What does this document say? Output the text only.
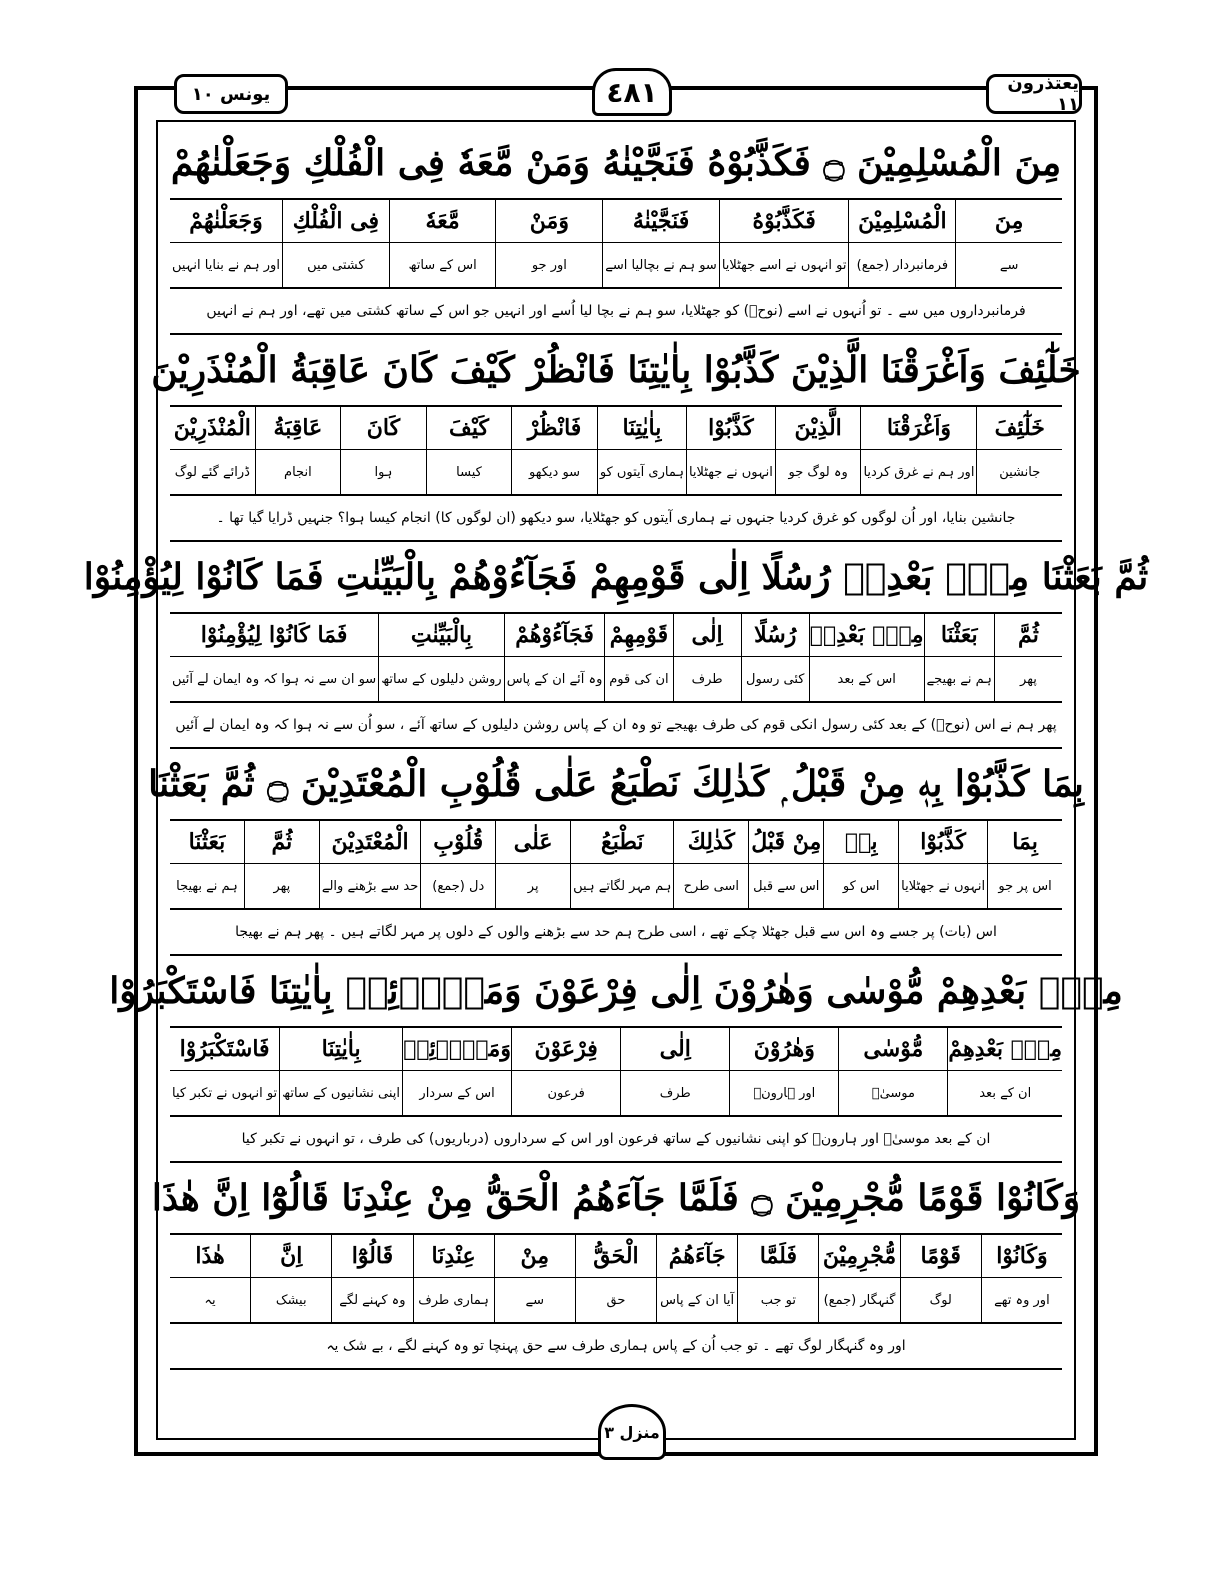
يونس ١٠	٤٨١	يعتذرون ١١
مِنَ الْمُسْلِمِيْنَ ۝ فَكَذَّبُوْهُ فَنَجَّيْنٰهُ وَمَنْ مَّعَهٗ فِى الْفُلْكِ وَجَعَلْنٰهُمْ
مِنَ
سے
الْمُسْلِمِيْنَ
فرمانبردار (جمع)
فَكَذَّبُوْهُ
تو انہوں نے اسے جھٹلایا
فَنَجَّيْنٰهُ
سو ہم نے بچالیا اسے
وَمَنْ
اور جو
مَّعَهٗ
اس کے ساتھ
فِى الْفُلْكِ
کشتی میں
وَجَعَلْنٰهُمْ
اور ہم نے بنایا انہیں
فرمانبرداروں میں سے ۔ تو اُنہوں نے اسے (نوحؑ) کو جھٹلایا، سو ہم نے بچا لیا اُسے اور انہیں جو اس کے ساتھ کشتی میں تھے، اور ہم نے انہیں
خَلٰٓئِفَ وَاَغْرَقْنَا الَّذِيْنَ كَذَّبُوْا بِاٰيٰتِنَا فَانْظُرْ كَيْفَ كَانَ عَاقِبَةُ الْمُنْذَرِيْنَ
خَلٰٓئِفَ
جانشین
وَاَغْرَقْنَا
اور ہم نے غرق کردیا
الَّذِيْنَ
وہ لوگ جو
كَذَّبُوْا
انہوں نے جھٹلایا
بِاٰيٰتِنَا
ہماری آیتوں کو
فَانْظُرْ
سو دیکھو
كَيْفَ
کیسا
كَانَ
ہوا
عَاقِبَةُ
انجام
الْمُنْذَرِيْنَ
ڈرائے گئے لوگ
جانشین بنایا، اور اُن لوگوں کو غرق کردیا جنہوں نے ہماری آیتوں کو جھٹلایا، سو دیکھو (ان لوگوں کا) انجام کیسا ہوا؟ جنہیں ڈرایا گیا تھا ۔
ثُمَّ بَعَثْنَا مِنْۢ بَعْدِهٖ رُسُلًا اِلٰى قَوْمِهِمْ فَجَآءُوْهُمْ بِالْبَيِّنٰتِ فَمَا كَانُوْا لِيُؤْمِنُوْا
ثُمَّ
پھر
بَعَثْنَا
ہم نے بھیجے
مِنْۢ بَعْدِهٖ
اس کے بعد
رُسُلًا
کئی رسول
اِلٰى
طرف
قَوْمِهِمْ
ان کی قوم
فَجَآءُوْهُمْ
وہ آئے ان کے پاس
بِالْبَيِّنٰتِ
روشن دلیلوں کے ساتھ
فَمَا كَانُوْا لِيُؤْمِنُوْا
سو ان سے نہ ہوا کہ وہ ایمان لے آئیں
پھر ہم نے اس (نوحؑ) کے بعد کئی رسول انکی قوم کی طرف بھیجے تو وہ ان کے پاس روشن دلیلوں کے ساتھ آئے ، سو اُن سے نہ ہوا کہ وہ ایمان لے آئیں
بِمَا كَذَّبُوْا بِهٖ مِنْ قَبْلُ ۭ كَذٰلِكَ نَطْبَعُ عَلٰى قُلُوْبِ الْمُعْتَدِيْنَ ۝ ثُمَّ بَعَثْنَا
بِمَا
اس پر جو
كَذَّبُوْا
انہوں نے جھٹلایا
بِهٖ
اس کو
مِنْ قَبْلُ
اس سے قبل
كَذٰلِكَ
اسی طرح
نَطْبَعُ
ہم مہر لگاتے ہیں
عَلٰى
پر
قُلُوْبِ
دل (جمع)
الْمُعْتَدِيْنَ
حد سے بڑھنے والے
ثُمَّ
پھر
بَعَثْنَا
ہم نے بھیجا
اس (بات) پر جسے وہ اس سے قبل جھٹلا چکے تھے ، اسی طرح ہم حد سے بڑھنے والوں کے دلوں پر مہر لگاتے ہیں ۔ پھر ہم نے بھیجا
مِنْۢ بَعْدِهِمْ مُّوْسٰى وَهٰرُوْنَ اِلٰى فِرْعَوْنَ وَمَلَا۟ئِهٖ بِاٰيٰتِنَا فَاسْتَكْبَرُوْا
مِنْۢ بَعْدِهِمْ
ان کے بعد
مُّوْسٰى
موسیٰؑ
وَهٰرُوْنَ
اور ہارونؑ
اِلٰى
طرف
فِرْعَوْنَ
فرعون
وَمَلَا۟ئِهٖ
اس کے سردار
بِاٰيٰتِنَا
اپنی نشانیوں کے ساتھ
فَاسْتَكْبَرُوْا
تو انہوں نے تکبر کیا
ان کے بعد موسیٰؑ اور ہارونؑ کو اپنی نشانیوں کے ساتھ فرعون اور اس کے سرداروں (درباریوں) کی طرف ، تو انہوں نے تکبر کیا
وَكَانُوْا قَوْمًا مُّجْرِمِيْنَ ۝ فَلَمَّا جَآءَهُمُ الْحَقُّ مِنْ عِنْدِنَا قَالُوْٓا اِنَّ هٰذَا
وَكَانُوْا
اور وہ تھے
قَوْمًا
لوگ
مُّجْرِمِيْنَ
گنہگار (جمع)
فَلَمَّا
تو جب
جَآءَهُمُ
آیا ان کے پاس
الْحَقُّ
حق
مِنْ
سے
عِنْدِنَا
ہماری طرف
قَالُوْٓا
وہ کہنے لگے
اِنَّ
بیشک
هٰذَا
یہ
اور وہ گنہگار لوگ تھے ۔ تو جب اُن کے پاس ہماری طرف سے حق پہنچا تو وہ کہنے لگے ، بے شک یہ
منزل ٣
